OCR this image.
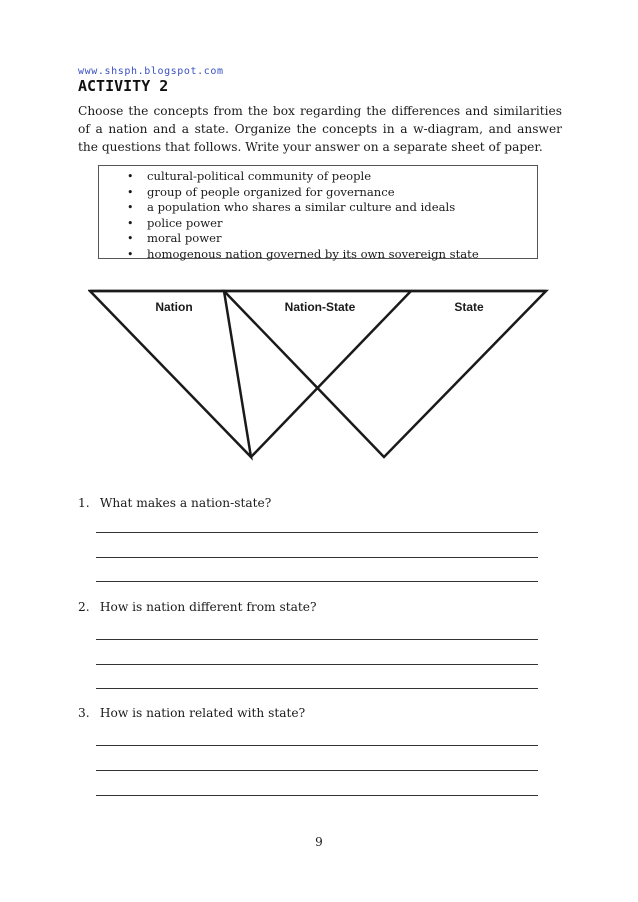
www.shsph.blogspot.com
ACTIVITY 2

Choose the concepts from the box regarding the differences and similarities of a nation and a state. Organize the concepts in a w-diagram, and answer the questions that follows. Write your answer on a separate sheet of paper.

• cultural-political community of people
• group of people organized for governance
• a population who shares a similar culture and ideals
• police power
• moral power
• homogenous nation governed by its own sovereign state
Nation	Nation-State	State

1. What makes a nation-state?

2. How is nation different from state?

3. How is nation related with state?

9
